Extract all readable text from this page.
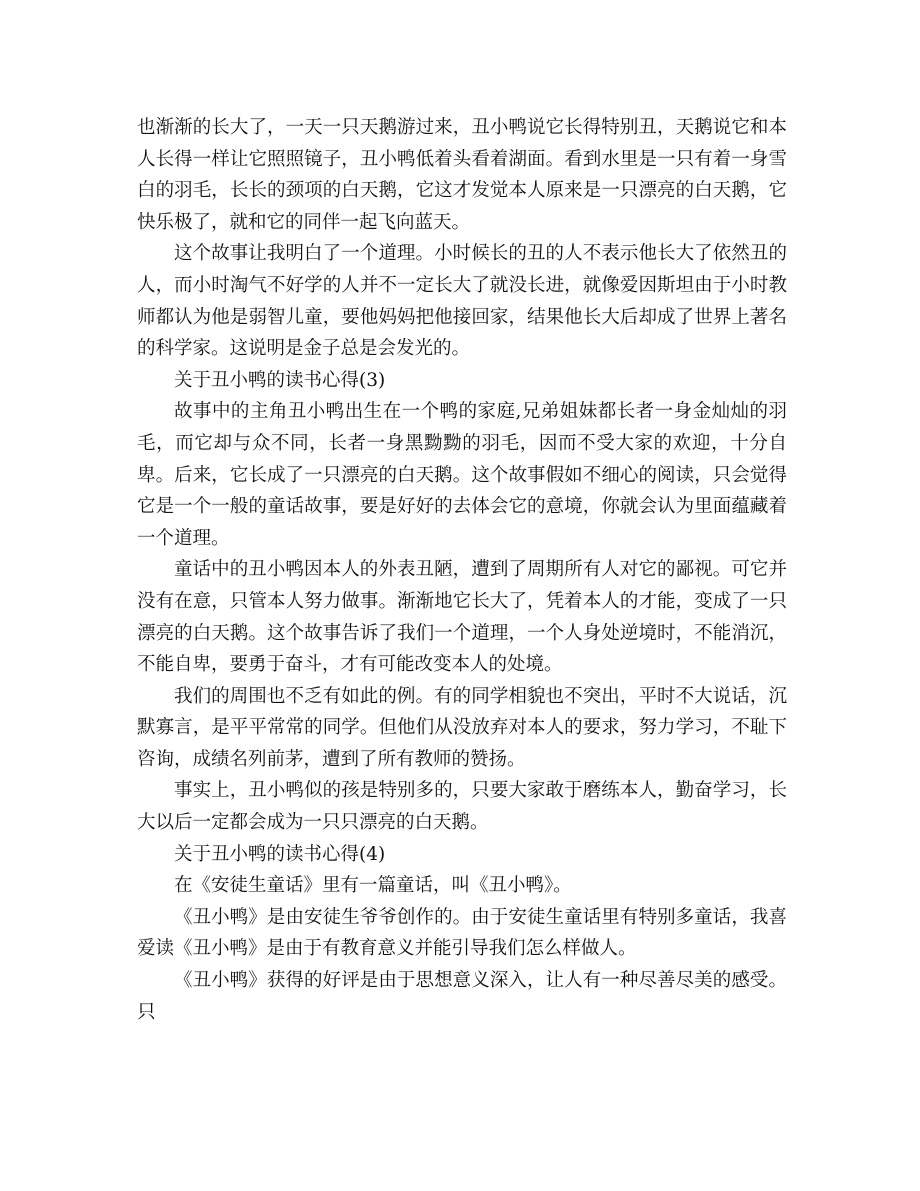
也渐渐的长大了，一天一只天鹅游过来，丑小鸭说它长得特别丑，天鹅说它和本人长得一样让它照照镜子，丑小鸭低着头看着湖面。看到水里是一只有着一身雪白的羽毛，长长的颈项的白天鹅，它这才发觉本人原来是一只漂亮的白天鹅，它快乐极了，就和它的同伴一起飞向蓝天。

这个故事让我明白了一个道理。小时候长的丑的人不表示他长大了依然丑的人，而小时淘气不好学的人并不一定长大了就没长进，就像爱因斯坦由于小时教师都认为他是弱智儿童，要他妈妈把他接回家，结果他长大后却成了世界上著名的科学家。这说明是金子总是会发光的。

关于丑小鸭的读书心得(3)

故事中的主角丑小鸭出生在一个鸭的家庭,兄弟姐妹都长者一身金灿灿的羽毛，而它却与众不同，长者一身黑黝黝的羽毛，因而不受大家的欢迎，十分自卑。后来，它长成了一只漂亮的白天鹅。这个故事假如不细心的阅读，只会觉得它是一个一般的童话故事，要是好好的去体会它的意境，你就会认为里面蕴藏着一个道理。

童话中的丑小鸭因本人的外表丑陋，遭到了周期所有人对它的鄙视。可它并没有在意，只管本人努力做事。渐渐地它长大了，凭着本人的才能，变成了一只漂亮的白天鹅。这个故事告诉了我们一个道理，一个人身处逆境时，不能消沉，不能自卑，要勇于奋斗，才有可能改变本人的处境。

我们的周围也不乏有如此的例。有的同学相貌也不突出，平时不大说话，沉默寡言，是平平常常的同学。但他们从没放弃对本人的要求，努力学习，不耻下咨询，成绩名列前茅，遭到了所有教师的赞扬。

事实上，丑小鸭似的孩是特别多的，只要大家敢于磨练本人，勤奋学习，长大以后一定都会成为一只只漂亮的白天鹅。

关于丑小鸭的读书心得(4)

在《安徒生童话》里有一篇童话，叫《丑小鸭》。

《丑小鸭》是由安徒生爷爷创作的。由于安徒生童话里有特别多童话，我喜爱读《丑小鸭》是由于有教育意义并能引导我们怎么样做人。

《丑小鸭》获得的好评是由于思想意义深入，让人有一种尽善尽美的感受。只
